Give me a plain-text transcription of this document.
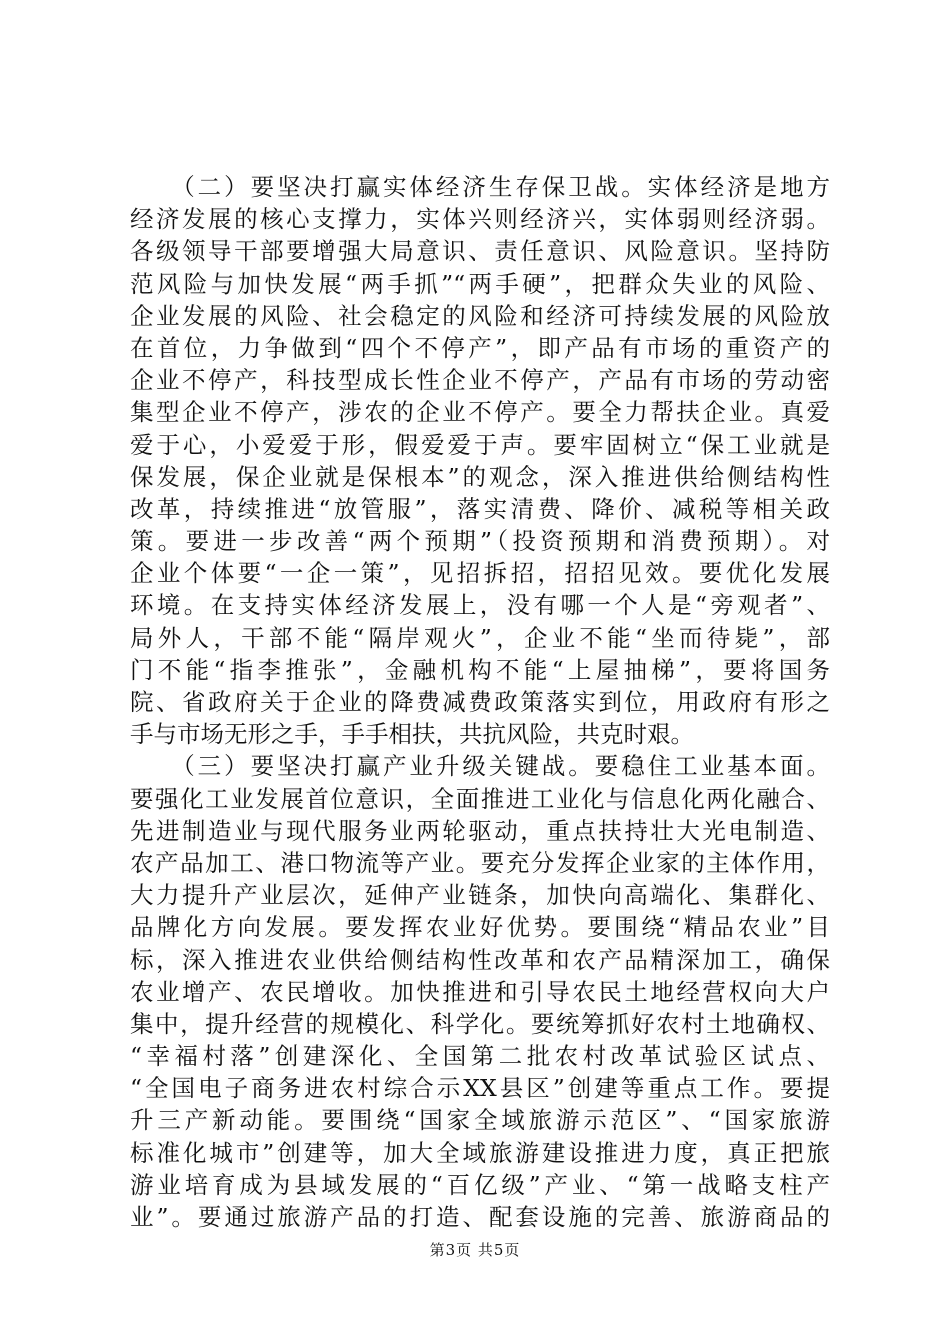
　　（二）要坚决打赢实体经济生存保卫战。实体经济是地方
经济发展的核心支撑力，实体兴则经济兴，实体弱则经济弱。
各级领导干部要增强大局意识、责任意识、风险意识。坚持防
范风险与加快发展“两手抓”“两手硬”，把群众失业的风险、
企业发展的风险、社会稳定的风险和经济可持续发展的风险放
在首位，力争做到“四个不停产”，即产品有市场的重资产的
企业不停产，科技型成长性企业不停产，产品有市场的劳动密
集型企业不停产，涉农的企业不停产。要全力帮扶企业。真爱
爱于心，小爱爱于形，假爱爱于声。要牢固树立“保工业就是
保发展，保企业就是保根本”的观念，深入推进供给侧结构性
改革，持续推进“放管服”，落实清费、降价、减税等相关政
策。要进一步改善“两个预期”（投资预期和消费预期）。对
企业个体要“一企一策”，见招拆招，招招见效。要优化发展
环境。在支持实体经济发展上，没有哪一个人是“旁观者”、
局外人，干部不能“隔岸观火”，企业不能“坐而待毙”，部
门不能“指李推张”，金融机构不能“上屋抽梯”，要将国务
院、省政府关于企业的降费减费政策落实到位，用政府有形之
手与市场无形之手，手手相扶，共抗风险，共克时艰。
　　（三）要坚决打赢产业升级关键战。要稳住工业基本面。
要强化工业发展首位意识，全面推进工业化与信息化两化融合、
先进制造业与现代服务业两轮驱动，重点扶持壮大光电制造、
农产品加工、港口物流等产业。要充分发挥企业家的主体作用，
大力提升产业层次，延伸产业链条，加快向高端化、集群化、
品牌化方向发展。要发挥农业好优势。要围绕“精品农业”目
标，深入推进农业供给侧结构性改革和农产品精深加工，确保
农业增产、农民增收。加快推进和引导农民土地经营权向大户
集中，提升经营的规模化、科学化。要统筹抓好农村土地确权、
“幸福村落”创建深化、全国第二批农村改革试验区试点、
“全国电子商务进农村综合示XX县区”创建等重点工作。要提
升三产新动能。要围绕“国家全域旅游示范区”、“国家旅游
标准化城市”创建等，加大全域旅游建设推进力度，真正把旅
游业培育成为县域发展的“百亿级”产业、“第一战略支柱产
业”。要通过旅游产品的打造、配套设施的完善、旅游商品的
第3页 共5页
